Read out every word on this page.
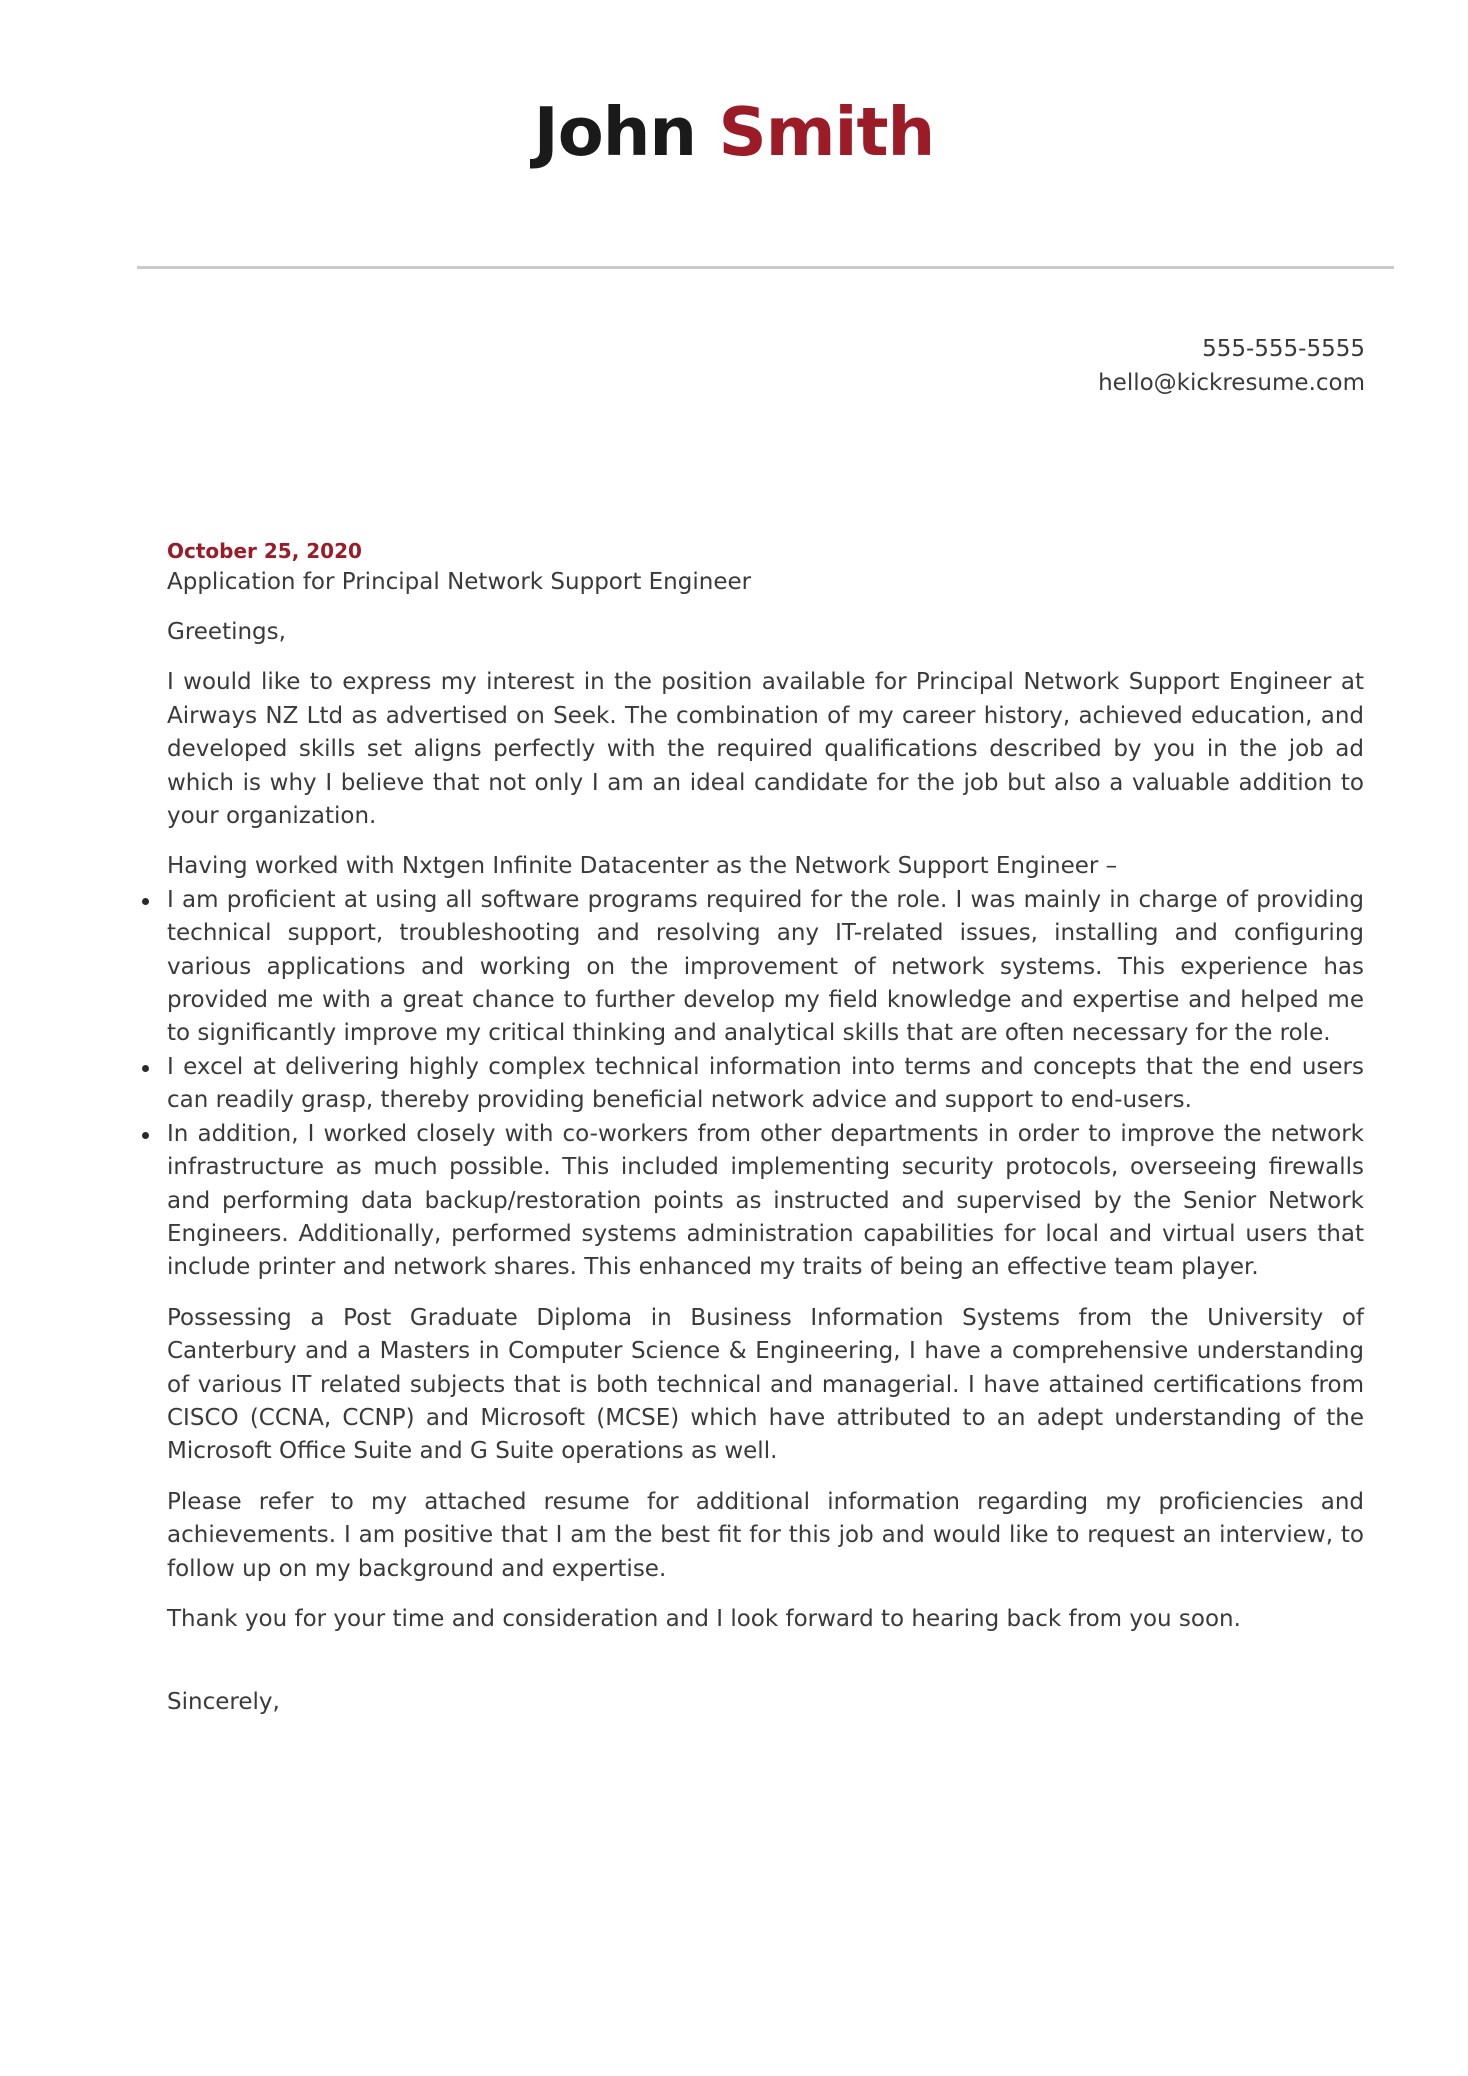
John Smith
555-555-5555
hello@kickresume.com
October 25, 2020
Application for Principal Network Support Engineer

Greetings,

I would like to express my interest in the position available for Principal Network Support Engineer at Airways NZ Ltd as advertised on Seek. The combination of my career history, achieved education, and developed skills set aligns perfectly with the required qualifications described by you in the job ad which is why I believe that not only I am an ideal candidate for the job but also a valuable addition to your organization.

Having worked with Nxtgen Infinite Datacenter as the Network Support Engineer –

I am proficient at using all software programs required for the role. I was mainly in charge of providing technical support, troubleshooting and resolving any IT-related issues, installing and configuring various applications and working on the improvement of network systems. This experience has provided me with a great chance to further develop my field knowledge and expertise and helped me to significantly improve my critical thinking and analytical skills that are often necessary for the role.
I excel at delivering highly complex technical information into terms and concepts that the end users can readily grasp, thereby providing beneficial network advice and support to end-users.
In addition, I worked closely with co-workers from other departments in order to improve the network infrastructure as much possible. This included implementing security protocols, overseeing firewalls and performing data backup/restoration points as instructed and supervised by the Senior Network Engineers. Additionally, performed systems administration capabilities for local and virtual users that include printer and network shares. This enhanced my traits of being an effective team player.

Possessing a Post Graduate Diploma in Business Information Systems from the University of Canterbury and a Masters in Computer Science & Engineering, I have a comprehensive understanding of various IT related subjects that is both technical and managerial. I have attained certifications from CISCO (CCNA, CCNP) and Microsoft (MCSE) which have attributed to an adept understanding of the Microsoft Office Suite and G Suite operations as well.

Please refer to my attached resume for additional information regarding my proficiencies and achievements. I am positive that I am the best fit for this job and would like to request an interview, to follow up on my background and expertise.

Thank you for your time and consideration and I look forward to hearing back from you soon.

Sincerely,
